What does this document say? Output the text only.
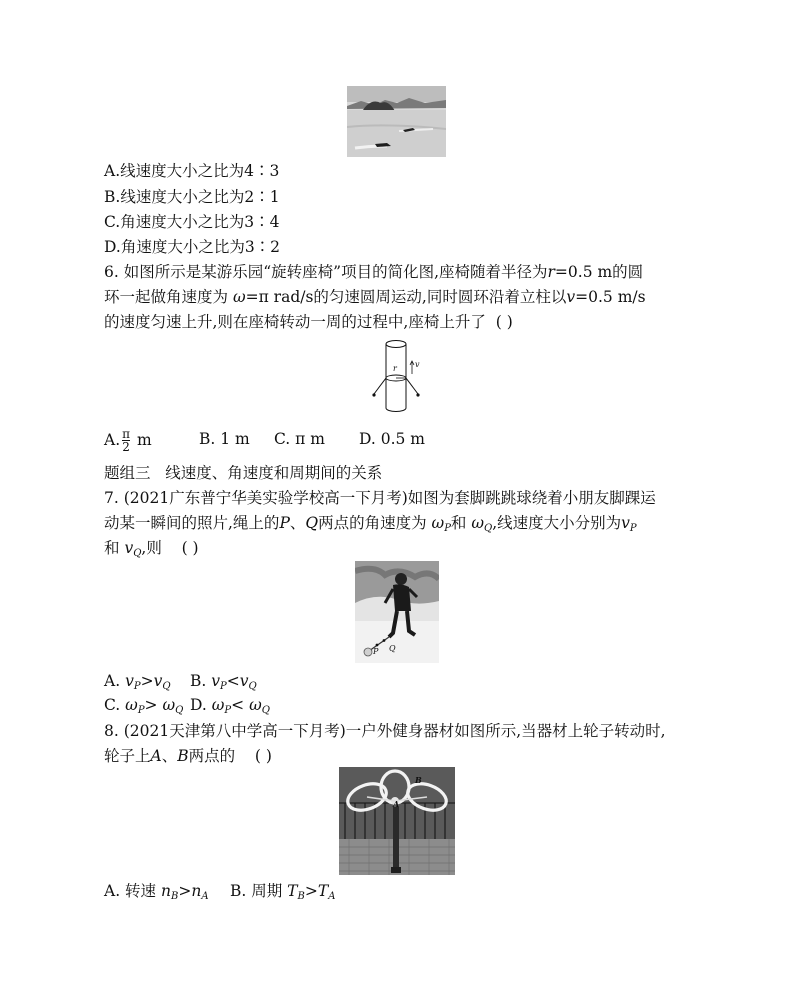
A.线速度大小之比为4∶3
B.线速度大小之比为2∶1
C.角速度大小之比为3∶4
D.角速度大小之比为3∶2
6. 如图所示是某游乐园“旋转座椅”项目的简化图,座椅随着半径为r=0.5 m的圆
环一起做角速度为 ω=π rad/s的匀速圆周运动,同时圆环沿着立柱以v=0.5 m/s
的速度匀速上升,则在座椅转动一周的过程中,座椅上升了 ( )
r v
A. $\frac{\pi}{2}$ m	B. 1 m C. π m D. 0.5 m
题组三 线速度、角速度和周期间的关系
7. (2021广东普宁华美实验学校高一下月考)如图为套脚跳跳球绕着小朋友脚踝运
动某一瞬间的照片,绳上的P、Q两点的角速度为 $\omega_P$和 $\omega_Q$,线速度大小分别为$v_P$
和 $v_Q$,则 ( )
P Q
A. $v_P>v_Q$ B. $v_P<v_Q$
C. $\omega_P> \omega_Q$ D. $\omega_P< \omega_Q$
8. (2021天津第八中学高一下月考)一户外健身器材如图所示,当器材上轮子转动时,
轮子上A、B两点的 ( )
A
B
A. 转速 $n_B>n_A$ B. 周期 $T_B>T_A$
